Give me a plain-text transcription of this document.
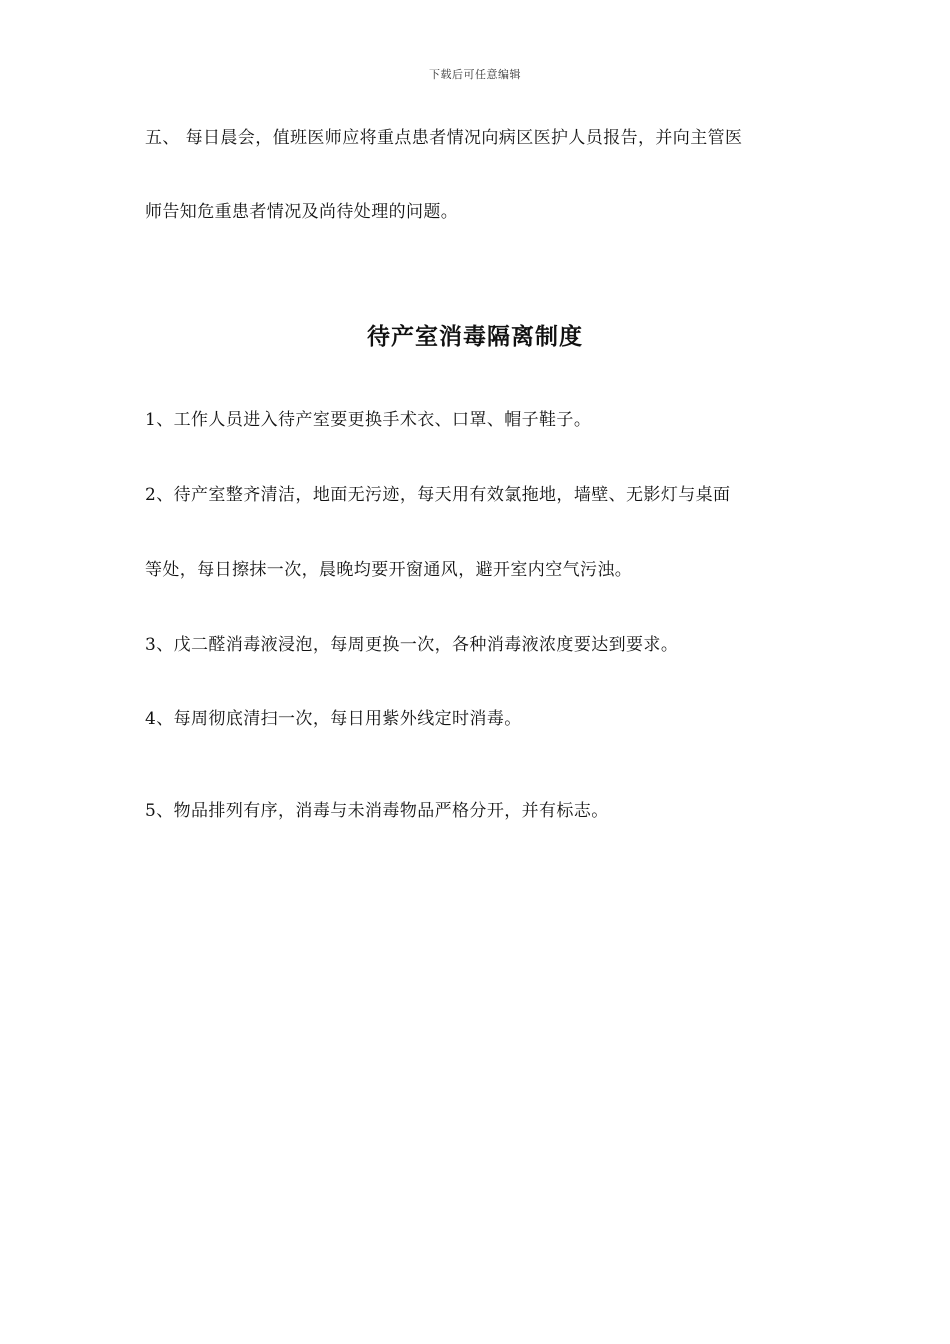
下载后可任意编辑
五、 每日晨会，值班医师应将重点患者情况向病区医护人员报告，并向主管医
师告知危重患者情况及尚待处理的问题。
待产室消毒隔离制度
1、工作人员进入待产室要更换手术衣、口罩、帽子鞋子。
2、待产室整齐清洁，地面无污迹，每天用有效氯拖地，墙壁、无影灯与桌面
等处，每日擦抹一次，晨晚均要开窗通风，避开室内空气污浊。
3、戊二醛消毒液浸泡，每周更换一次，各种消毒液浓度要达到要求。
4、每周彻底清扫一次，每日用紫外线定时消毒。
5、物品排列有序，消毒与未消毒物品严格分开，并有标志。
